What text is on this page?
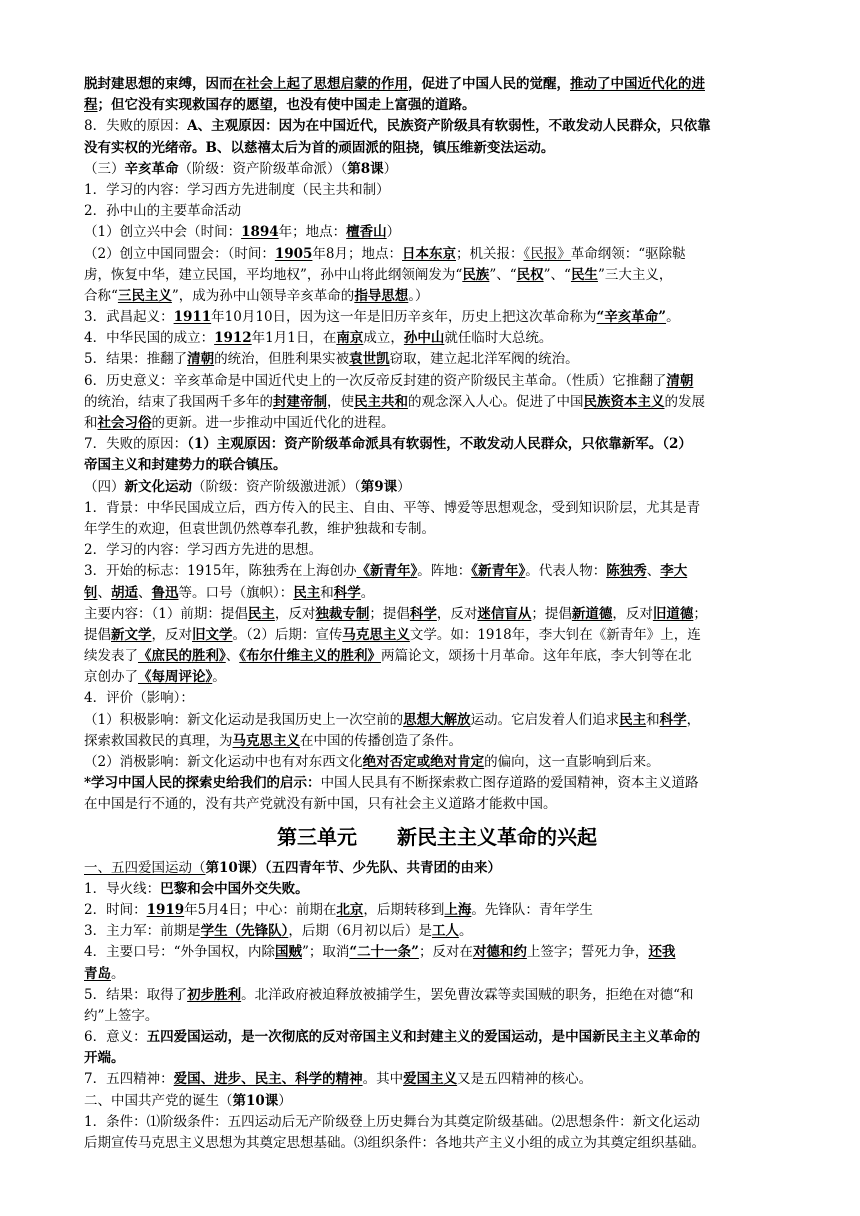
脱封建思想的束缚，因而在社会上起了思想启蒙的作用，促进了中国人民的觉醒，推动了中国近代化的进
程；但它没有实现救国存的愿望，也没有使中国走上富强的道路。
8．失败的原因：A、主观原因：因为在中国近代，民族资产阶级具有软弱性，不敢发动人民群众，只依靠
没有实权的光绪帝。B、以慈禧太后为首的顽固派的阻挠，镇压维新变法运动。
（三）辛亥革命（阶级：资产阶级革命派）（第8课）
1．学习的内容：学习西方先进制度（民主共和制）
2．孙中山的主要革命活动
（1）创立兴中会（时间：1894年；地点：檀香山）
（2）创立中国同盟会：（时间：1905年8月；地点：日本东京；机关报：《民报》革命纲领：“驱除鞑
虏，恢复中华，建立民国，平均地权”，孙中山将此纲领阐发为“民族”、“民权”、“民生”三大主义，
合称“三民主义”，成为孙中山领导辛亥革命的指导思想。）
3．武昌起义：1911年10月10日，因为这一年是旧历辛亥年，历史上把这次革命称为“辛亥革命”。
4．中华民国的成立：1912年1月1日，在南京成立，孙中山就任临时大总统。
5．结果：推翻了清朝的统治，但胜利果实被袁世凯窃取，建立起北洋军阀的统治。
6．历史意义：辛亥革命是中国近代史上的一次反帝反封建的资产阶级民主革命。（性质）它推翻了清朝
的统治，结束了我国两千多年的封建帝制，使民主共和的观念深入人心。促进了中国民族资本主义的发展
和社会习俗的更新。进一步推动中国近代化的进程。
7．失败的原因：（1）主观原因：资产阶级革命派具有软弱性，不敢发动人民群众，只依靠新军。（2）
帝国主义和封建势力的联合镇压。
（四）新文化运动（阶级：资产阶级激进派）（第9课）
1．背景：中华民国成立后，西方传入的民主、自由、平等、博爱等思想观念，受到知识阶层，尤其是青
年学生的欢迎，但袁世凯仍然尊奉孔教，维护独裁和专制。
2．学习的内容：学习西方先进的思想。
3．开始的标志：1915年，陈独秀在上海创办《新青年》。阵地：《新青年》。代表人物：陈独秀、李大
钊、胡适、鲁迅等。口号（旗帜）：民主和科学。
主要内容：（1）前期：提倡民主，反对独裁专制；提倡科学，反对迷信盲从；提倡新道德，反对旧道德；
提倡新文学，反对旧文学。（2）后期：宣传马克思主义文学。如：1918年，李大钊在《新青年》上，连
续发表了《庶民的胜利》、《布尔什维主义的胜利》两篇论文，颂扬十月革命。这年年底，李大钊等在北
京创办了《每周评论》。
4．评价（影响）：
（1）积极影响：新文化运动是我国历史上一次空前的思想大解放运动。它启发着人们追求民主和科学，
探索救国救民的真理，为马克思主义在中国的传播创造了条件。
（2）消极影响：新文化运动中也有对东西文化绝对否定或绝对肯定的偏向，这一直影响到后来。
*学习中国人民的探索史给我们的启示：中国人民具有不断探索救亡图存道路的爱国精神，资本主义道路
在中国是行不通的，没有共产党就没有新中国，只有社会主义道路才能救中国。
第三单元　　新民主主义革命的兴起
一、五四爱国运动（第10课）（五四青年节、少先队、共青团的由来）
1．导火线：巴黎和会中国外交失败。
2．时间：1919年5月4日；中心：前期在北京，后期转移到上海。先锋队：青年学生
3．主力军：前期是学生（先锋队），后期（6月初以后）是工人。
4．主要口号：“外争国权，内除国贼”；取消“二十一条”；反对在对德和约上签字；誓死力争，还我
青岛。
5．结果：取得了初步胜利。北洋政府被迫释放被捕学生，罢免曹汝霖等卖国贼的职务，拒绝在对德“和
约”上签字。
6．意义：五四爱国运动，是一次彻底的反对帝国主义和封建主义的爱国运动，是中国新民主主义革命的
开端。
7．五四精神：爱国、进步、民主、科学的精神。其中爱国主义又是五四精神的核心。
二、中国共产党的诞生（第10课）
1．条件：⑴阶级条件：五四运动后无产阶级登上历史舞台为其奠定阶级基础。⑵思想条件：新文化运动
后期宣传马克思主义思想为其奠定思想基础。⑶组织条件：各地共产主义小组的成立为其奠定组织基础。
